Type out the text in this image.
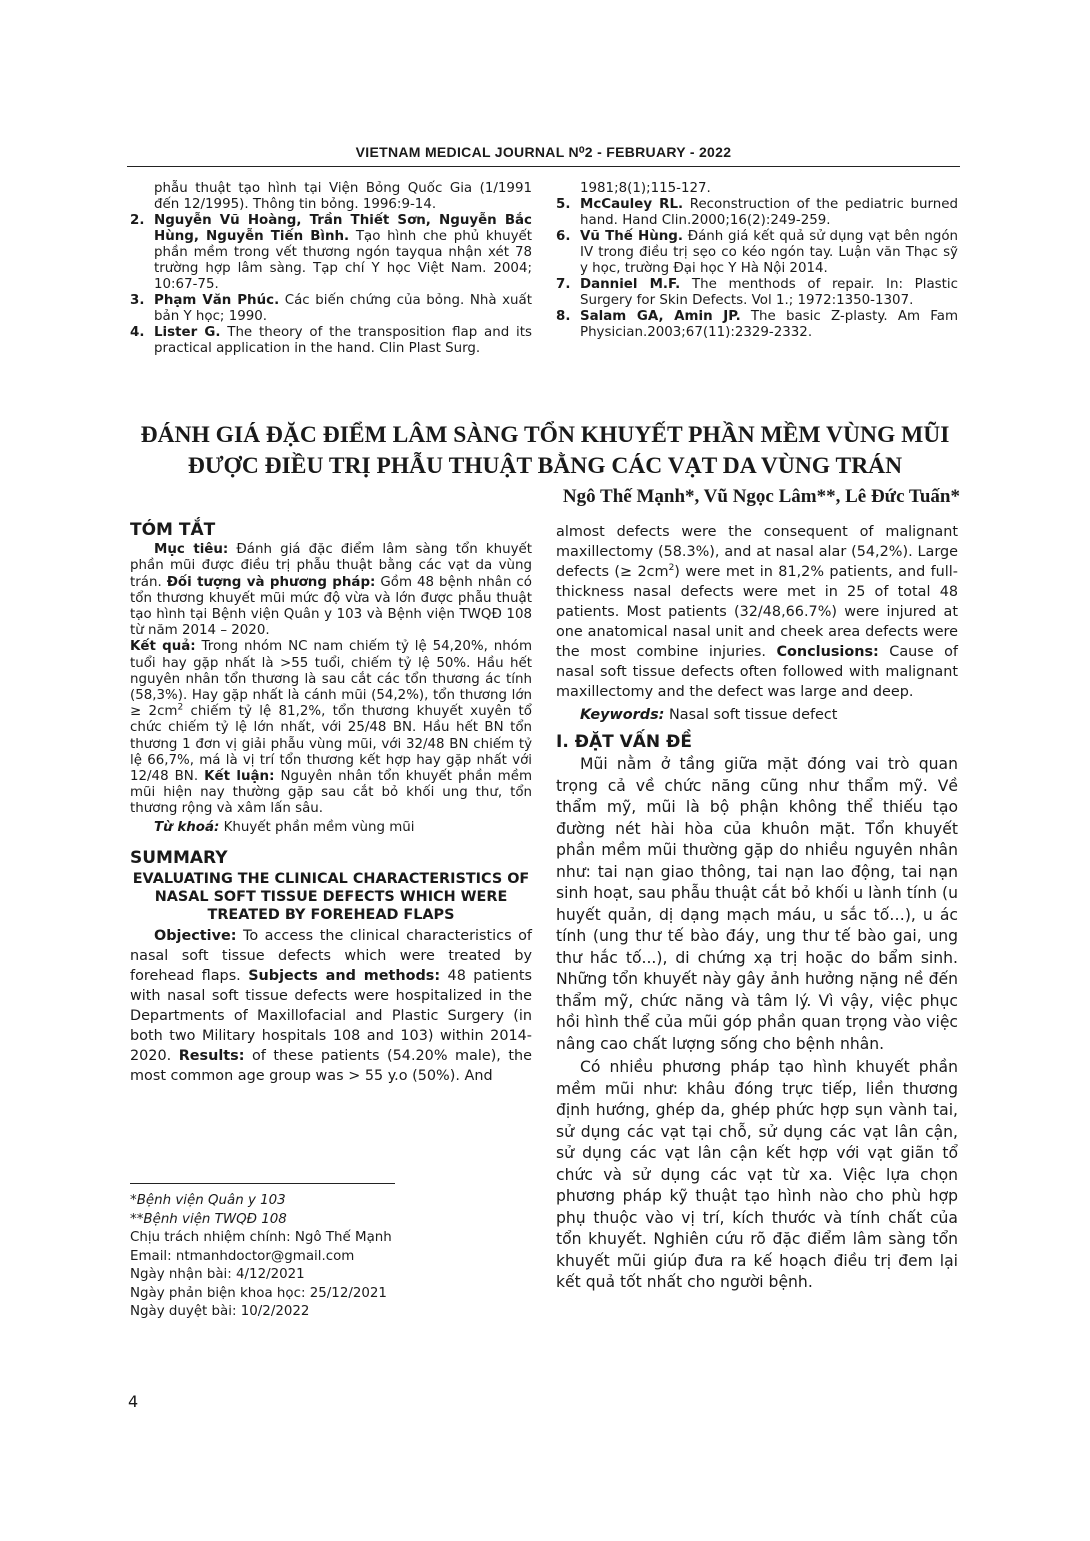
VIETNAM MEDICAL JOURNAL N⁰2 - FEBRUARY - 2022
phẫu thuật tạo hình tại Viện Bỏng Quốc Gia (1/1991 đến 12/1995). Thông tin bỏng. 1996:9-14.
2. Nguyễn Vũ Hoàng, Trần Thiết Sơn, Nguyễn Bắc Hùng, Nguyễn Tiến Bình. Tạo hình che phủ khuyết phần mềm trong vết thương ngón tayqua nhận xét 78 trường hợp lâm sàng. Tạp chí Y học Việt Nam. 2004; 10:67-75.
3. Phạm Văn Phúc. Các biến chứng của bỏng. Nhà xuất bản Y học; 1990.
4. Lister G. The theory of the transposition flap and its practical application in the hand. Clin Plast Surg.
1981;8(1);115-127.
5. McCauley RL. Reconstruction of the pediatric burned hand. Hand Clin.2000;16(2):249-259.
6. Vũ Thế Hùng. Đánh giá kết quả sử dụng vạt bên ngón IV trong điều trị sẹo co kéo ngón tay. Luận văn Thạc sỹ y học, trường Đại học Y Hà Nội 2014.
7. Danniel M.F. The menthods of repair. In: Plastic Surgery for Skin Defects. Vol 1.; 1972:1350-1307.
8. Salam GA, Amin JP. The basic Z-plasty. Am Fam Physician.2003;67(11):2329-2332.
ĐÁNH GIÁ ĐẶC ĐIỂM LÂM SÀNG TỔN KHUYẾT PHẦN MỀM VÙNG MŨI
ĐƯỢC ĐIỀU TRỊ PHẪU THUẬT BẰNG CÁC VẠT DA VÙNG TRÁN
Ngô Thế Mạnh*, Vũ Ngọc Lâm**, Lê Đức Tuấn*
TÓM TẮT

Mục tiêu: Đánh giá đặc điểm lâm sàng tổn khuyết phần mũi được điều trị phẫu thuật bằng các vạt da vùng trán. Đối tượng và phương pháp: Gồm 48 bệnh nhân có tổn thương khuyết mũi mức độ vừa và lớn được phẫu thuật tạo hình tại Bệnh viện Quân y 103 và Bệnh viện TWQĐ 108 từ năm 2014 – 2020.

Kết quả: Trong nhóm NC nam chiếm tỷ lệ 54,20%, nhóm tuổi hay gặp nhất là >55 tuổi, chiếm tỷ lệ 50%. Hầu hết nguyên nhân tổn thương là sau cắt các tổn thương ác tính (58,3%). Hay gặp nhất là cánh mũi (54,2%), tổn thương lớn ≥ $2cm^2$ chiếm tỷ lệ 81,2%, tổn thương khuyết xuyên tổ chức chiếm tỷ lệ lớn nhất, với 25/48 BN. Hầu hết BN tổn thương 1 đơn vị giải phẫu vùng mũi, với 32/48 BN chiếm tỷ lệ 66,7%, má là vị trí tổn thương kết hợp hay gặp nhất với 12/48 BN. Kết luận: Nguyên nhân tổn khuyết phần mềm mũi hiện nay thường gặp sau cắt bỏ khối ung thư, tổn thương rộng và xâm lấn sâu.

Từ khoá: Khuyết phần mềm vùng mũi

SUMMARY
EVALUATING THE CLINICAL CHARACTERISTICS OF NASAL SOFT TISSUE DEFECTS WHICH WERE TREATED BY FOREHEAD FLAPS

Objective: To access the clinical characteristics of nasal soft tissue defects which were treated by forehead flaps. Subjects and methods: 48 patients with nasal soft tissue defects were hospitalized in the Departments of Maxillofacial and Plastic Surgery (in both two Military hospitals 108 and 103) within 2014-2020. Results: of these patients (54.20% male), the most common age group was > 55 y.o (50%). And

*Bệnh viện Quân y 103
**Bệnh viện TWQĐ 108
Chịu trách nhiệm chính: Ngô Thế Mạnh
Email: ntmanhdoctor@gmail.com
Ngày nhận bài: 4/12/2021
Ngày phản biện khoa học: 25/12/2021
Ngày duyệt bài: 10/2/2022

almost defects were the consequent of malignant maxillectomy (58.3%), and at nasal alar (54,2%). Large defects (≥ $2cm^2$) were met in 81,2% patients, and full-thickness nasal defects were met in 25 of total 48 patients. Most patients (32/48,66.7%) were injured at one anatomical nasal unit and cheek area defects were the most combine injuries. Conclusions: Cause of nasal soft tissue defects often followed with malignant maxillectomy and the defect was large and deep.

Keywords: Nasal soft tissue defect

I. ĐẶT VẤN ĐỀ

Mũi nằm ở tầng giữa mặt đóng vai trò quan trọng cả về chức năng cũng như thẩm mỹ. Về thẩm mỹ, mũi là bộ phận không thể thiếu tạo đường nét hài hòa của khuôn mặt. Tổn khuyết phần mềm mũi thường gặp do nhiều nguyên nhân như: tai nạn giao thông, tai nạn lao động, tai nạn sinh hoạt, sau phẫu thuật cắt bỏ khối u lành tính (u huyết quản, dị dạng mạch máu, u sắc tố…), u ác tính (ung thư tế bào đáy, ung thư tế bào gai, ung thư hắc tố...), di chứng xạ trị hoặc do bẩm sinh. Những tổn khuyết này gây ảnh hưởng nặng nề đến thẩm mỹ, chức năng và tâm lý. Vì vậy, việc phục hồi hình thể của mũi góp phần quan trọng vào việc nâng cao chất lượng sống cho bệnh nhân.

Có nhiều phương pháp tạo hình khuyết phần mềm mũi như: khâu đóng trực tiếp, liền thương định hướng, ghép da, ghép phức hợp sụn vành tai, sử dụng các vạt tại chỗ, sử dụng các vạt lân cận, sử dụng các vạt lân cận kết hợp với vạt giãn tổ chức và sử dụng các vạt từ xa. Việc lựa chọn phương pháp kỹ thuật tạo hình nào cho phù hợp phụ thuộc vào vị trí, kích thước và tính chất của tổn khuyết. Nghiên cứu rõ đặc điểm lâm sàng tổn khuyết mũi giúp đưa ra kế hoạch điều trị đem lại kết quả tốt nhất cho người bệnh.

4
